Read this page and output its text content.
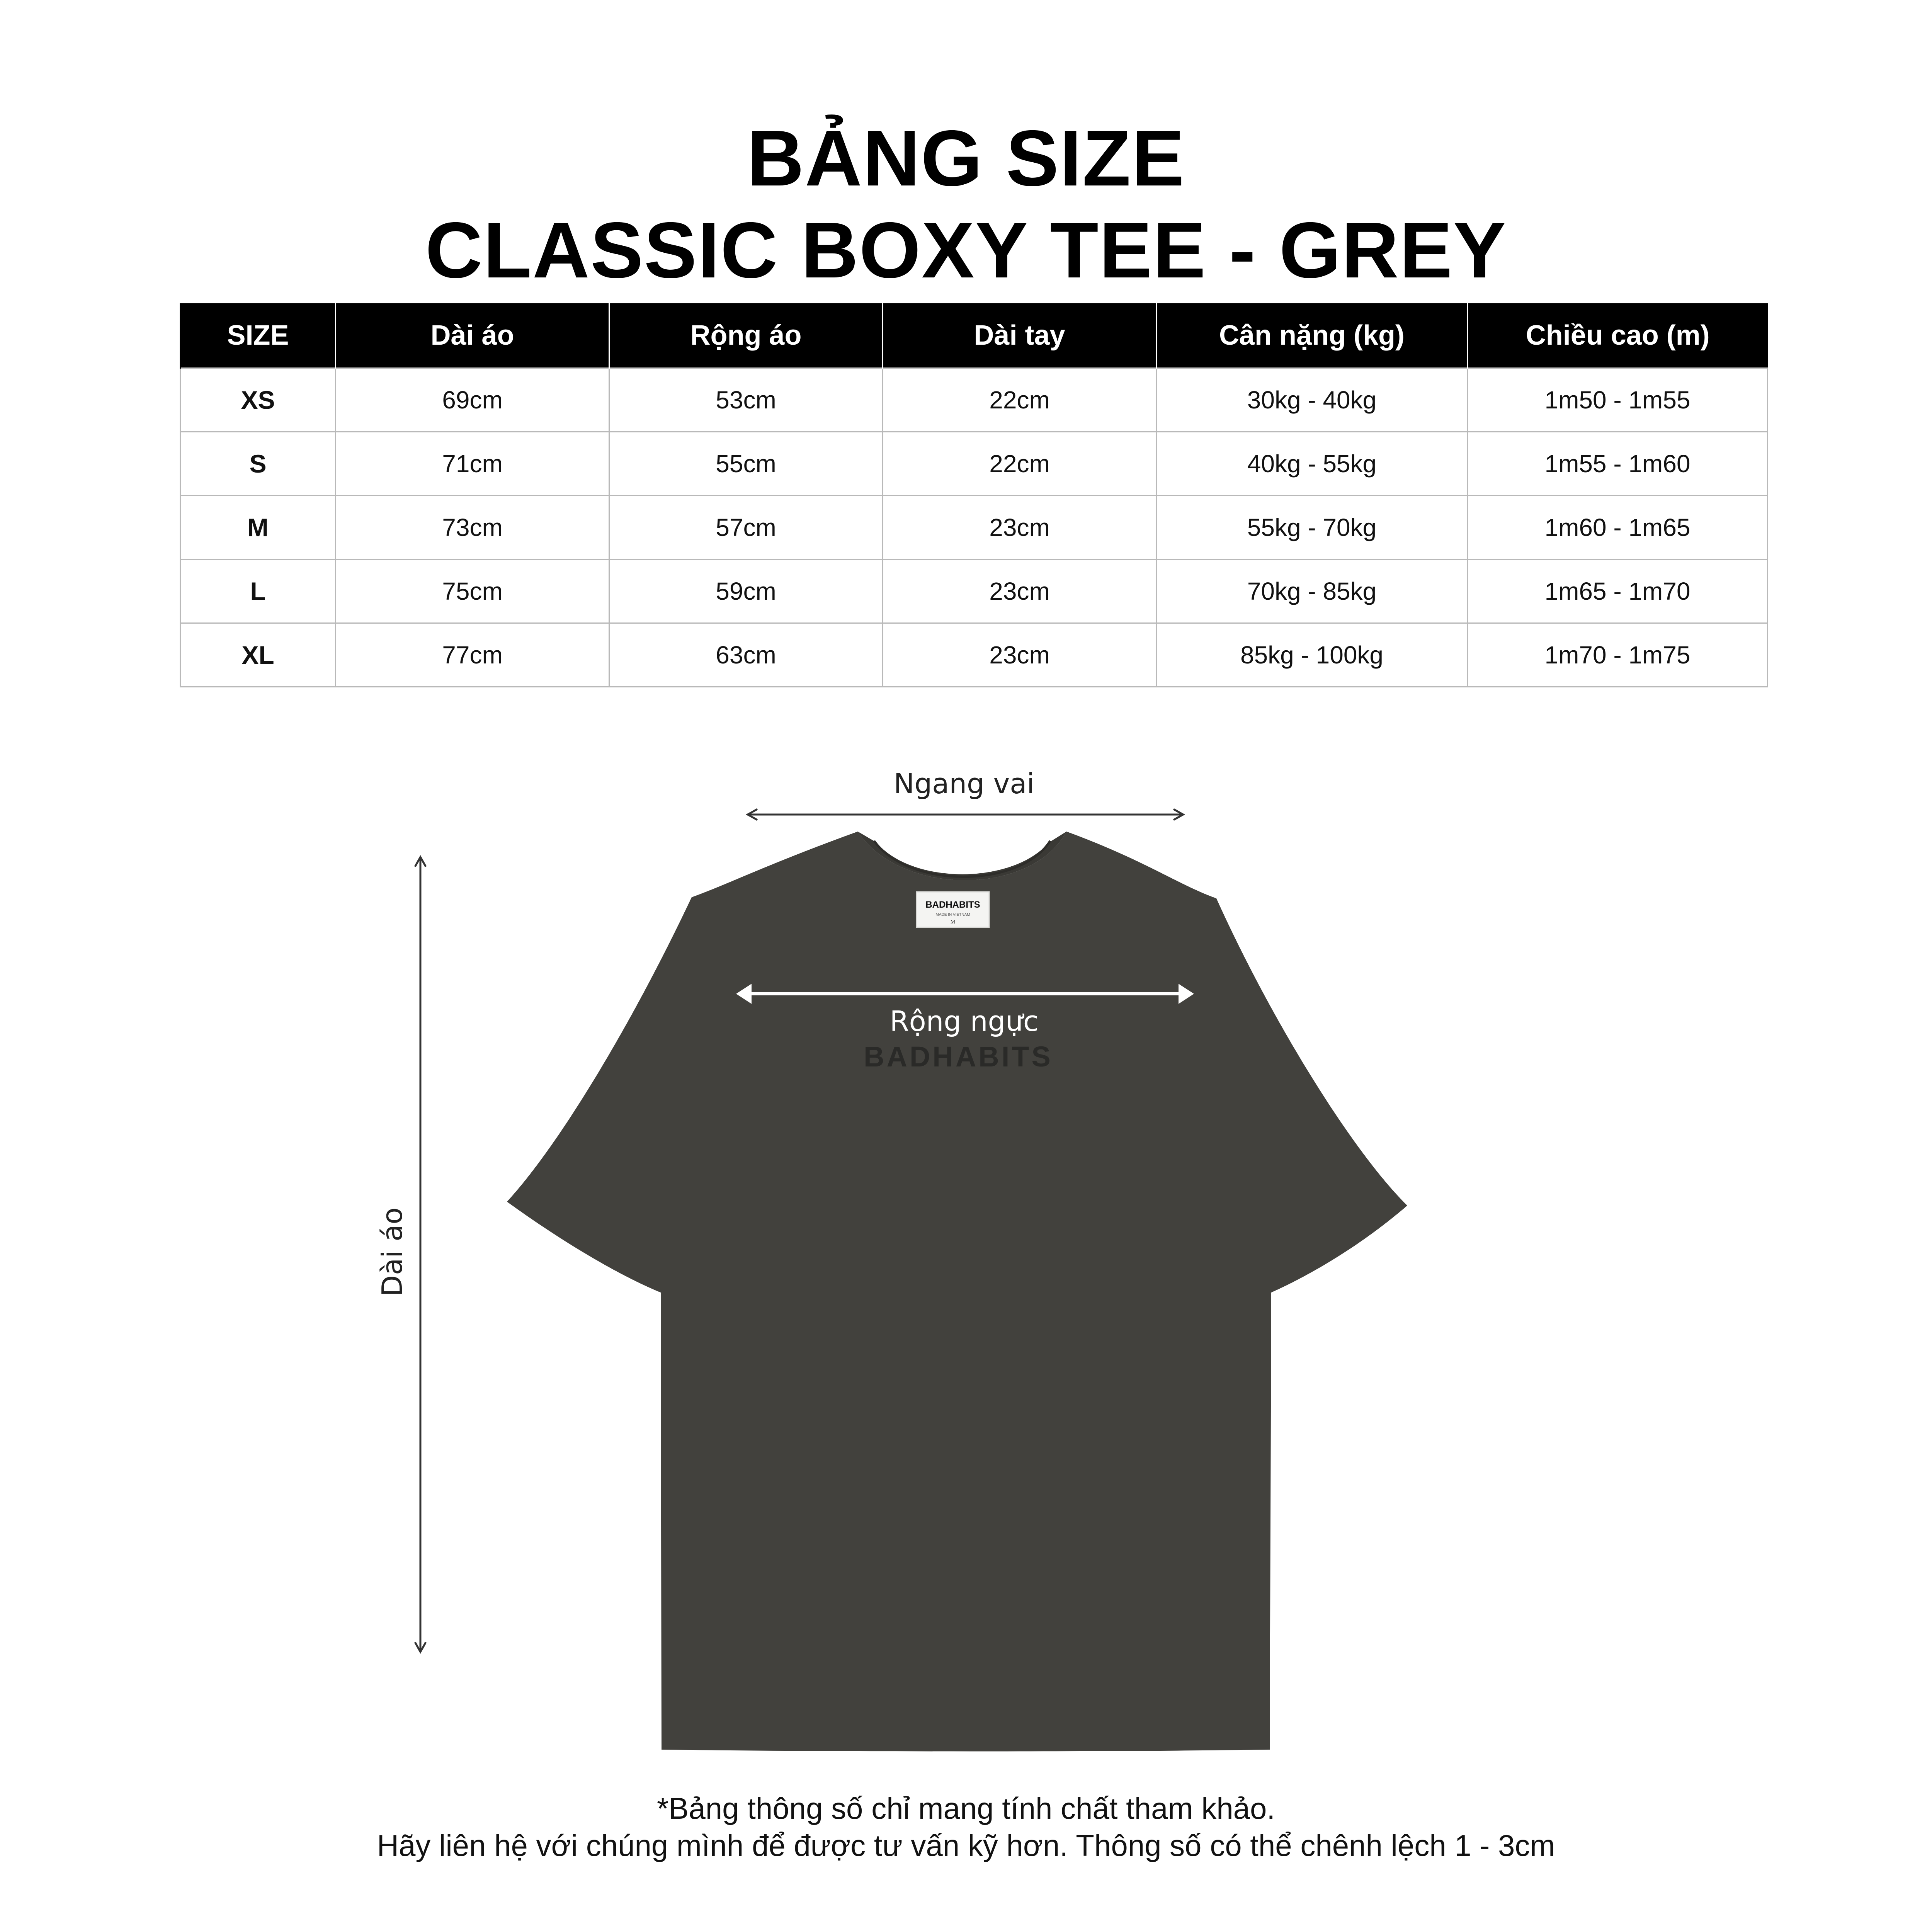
BẢNG SIZE
CLASSIC BOXY TEE - GREY
SIZE	Dài áo	Rộng áo	Dài tay	Cân nặng (kg)	Chiều cao (m)
XS	69cm	53cm	22cm	30kg - 40kg	1m50 - 1m55
S	71cm	55cm	22cm	40kg - 55kg	1m55 - 1m60
M	73cm	57cm	23cm	55kg - 70kg	1m60 - 1m65
L	75cm	59cm	23cm	70kg - 85kg	1m65 - 1m70
XL	77cm	63cm	23cm	85kg - 100kg	1m70 - 1m75
BADHABITS
MADE IN VIETNAM
M
BADHABITS
Ngang vai
Rộng ngực
Dài áo
*Bảng thông số chỉ mang tính chất tham khảo.
Hãy liên hệ với chúng mình để được tư vấn kỹ hơn. Thông số có thể chênh lệch 1 - 3cm
